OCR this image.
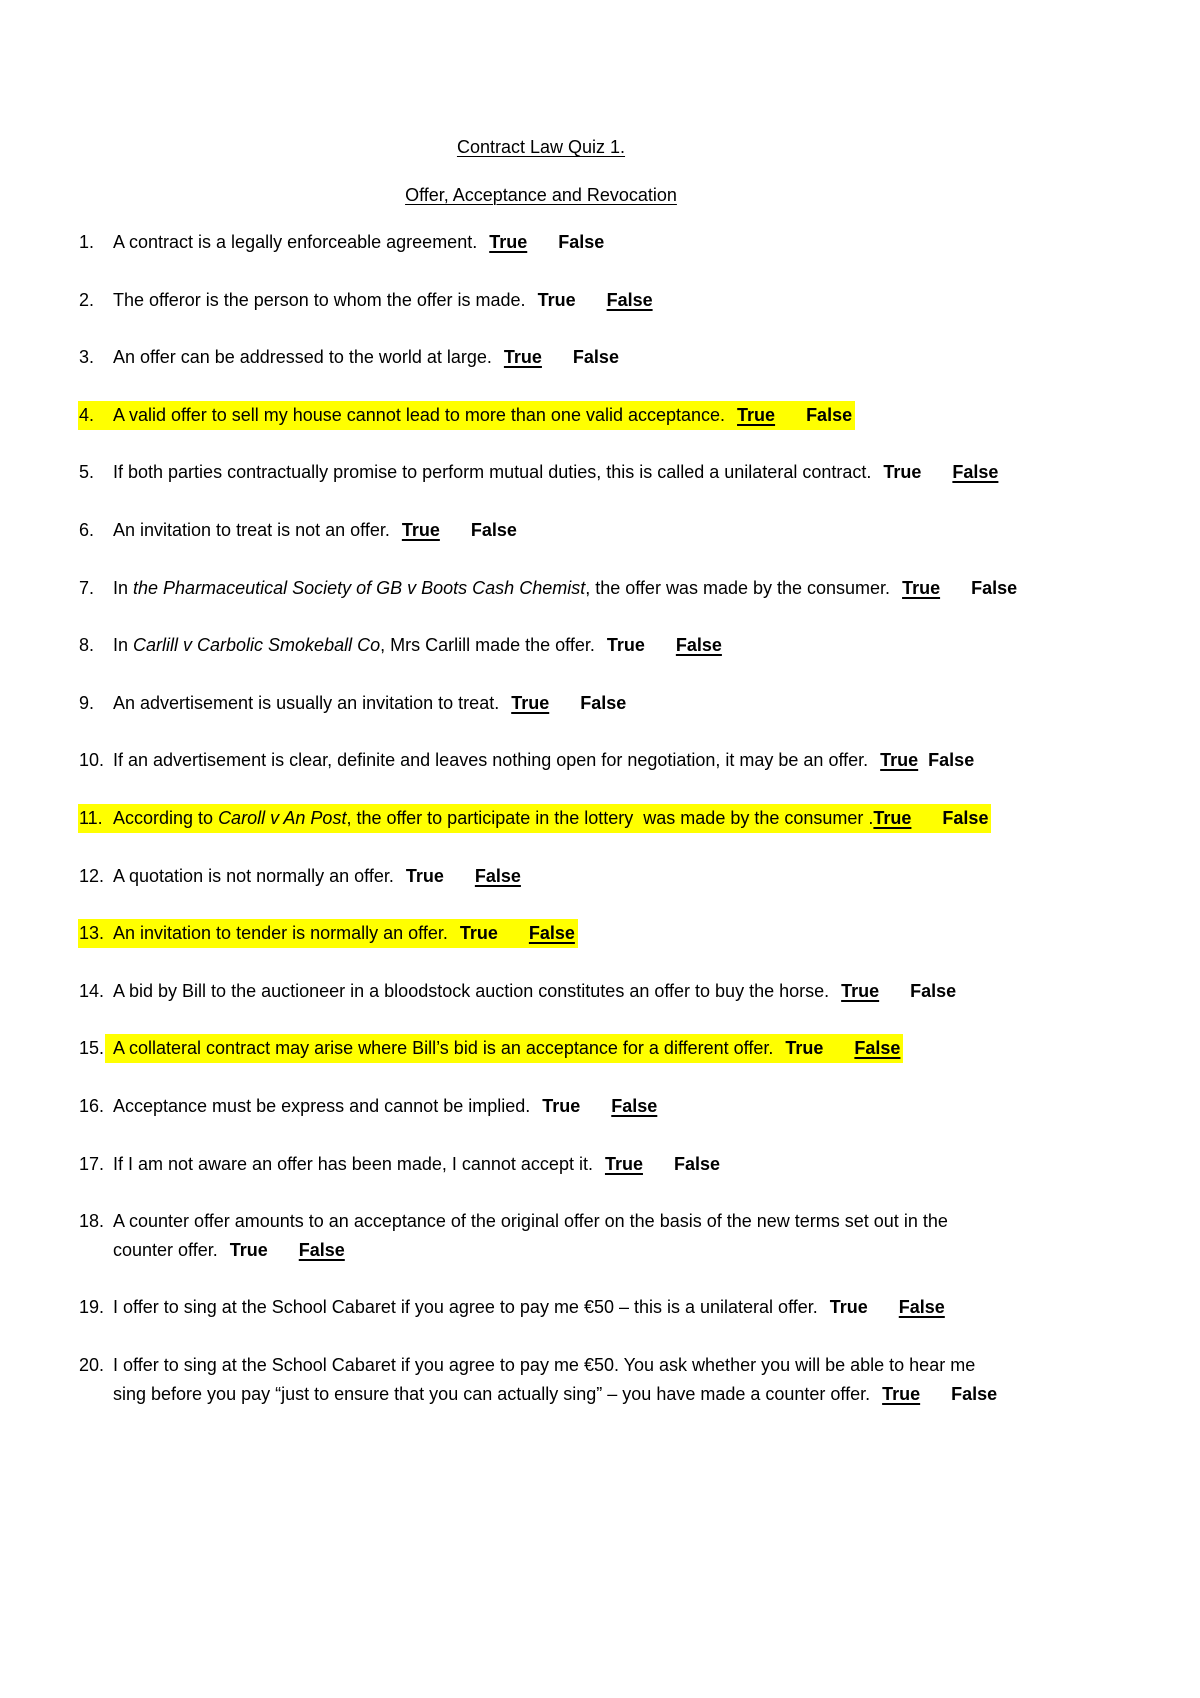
Contract Law Quiz 1.
Offer, Acceptance and Revocation
1.	A contract is a legally enforceable agreement. True False
2.	The offeror is the person to whom the offer is made. True False
3.	An offer can be addressed to the world at large. True False
4.	A valid offer to sell my house cannot lead to more than one valid acceptance. True False
5.	If both parties contractually promise to perform mutual duties, this is called a unilateral contract. True False
6.	An invitation to treat is not an offer. True False
7.	In the Pharmaceutical Society of GB v Boots Cash Chemist, the offer was made by the consumer. True False
8.	In Carlill v Carbolic Smokeball Co, Mrs Carlill made the offer. True False
9.	An advertisement is usually an invitation to treat. True False
10. If an advertisement is clear, definite and leaves nothing open for negotiation, it may be an offer. True False
11. According to Caroll v An Post, the offer to participate in the lottery  was made by the consumer .True False
12. A quotation is not normally an offer. True False
13. An invitation to tender is normally an offer. True False
14. A bid by Bill to the auctioneer in a bloodstock auction constitutes an offer to buy the horse. True False
15. A collateral contract may arise where Bill’s bid is an acceptance for a different offer. True False
16. Acceptance must be express and cannot be implied. True False
17. If I am not aware an offer has been made, I cannot accept it. True False
18. A counter offer amounts to an acceptance of the original offer on the basis of the new terms set out in the
counter offer. True False
19. I offer to sing at the School Cabaret if you agree to pay me €50 – this is a unilateral offer. True False
20. I offer to sing at the School Cabaret if you agree to pay me €50. You ask whether you will be able to hear me
sing before you pay “just to ensure that you can actually sing” – you have made a counter offer. True False
